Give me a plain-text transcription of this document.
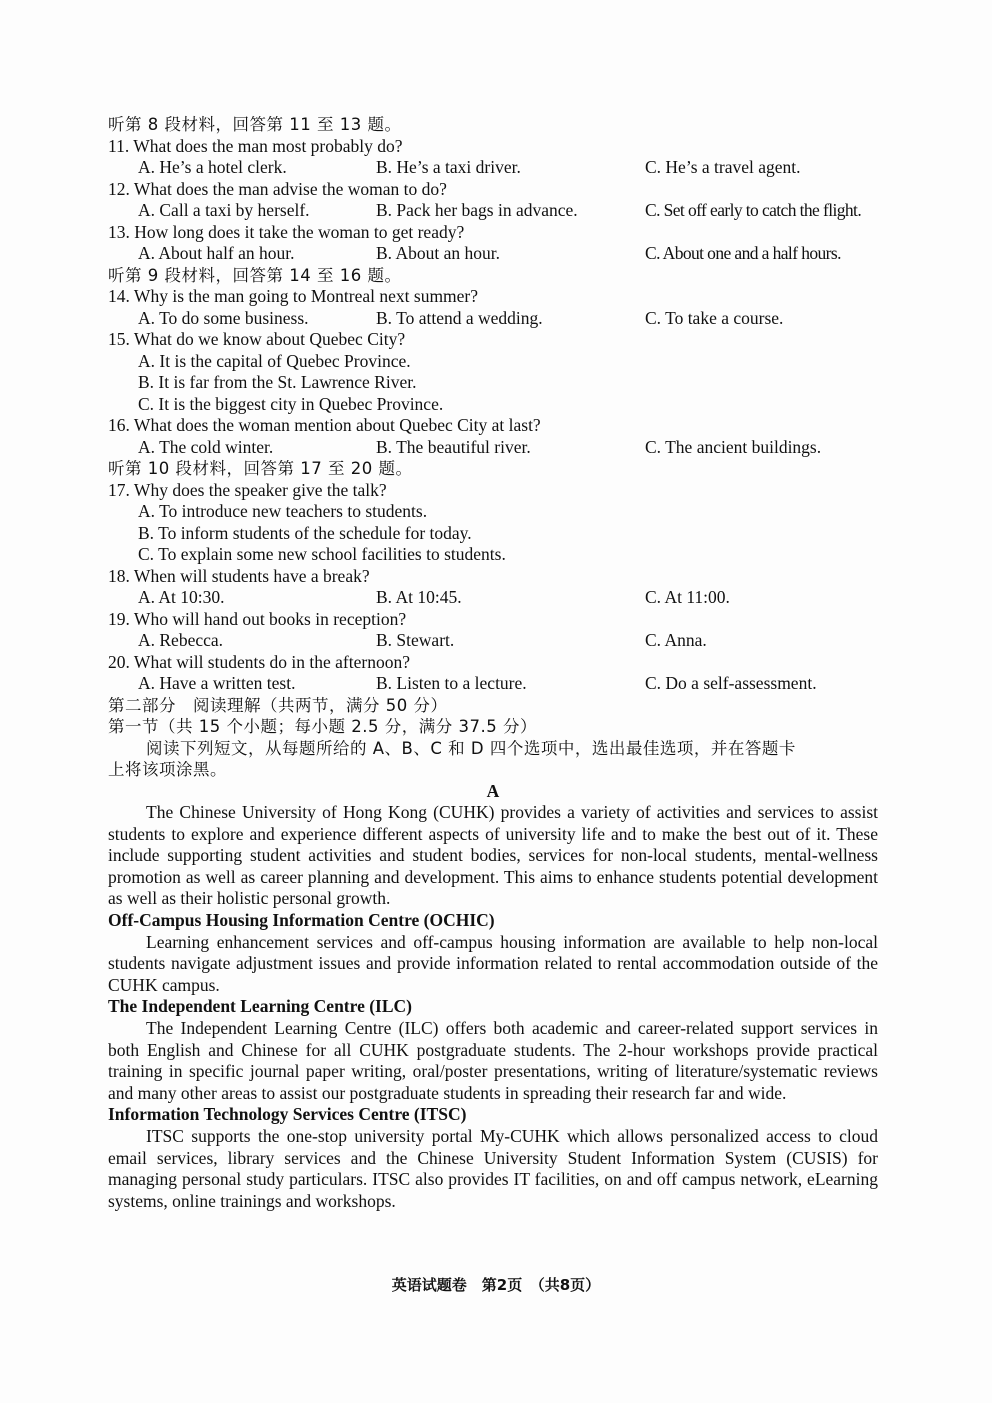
听第 8 段材料，回答第 11 至 13 题。
11. What does the man most probably do?
A. He’s a hotel clerk.	B. He’s a taxi driver.	C. He’s a travel agent.
12. What does the man advise the woman to do?
A. Call a taxi by herself.	B. Pack her bags in advance.	C. Set off early to catch the flight.
13. How long does it take the woman to get ready?
A. About half an hour.	B. About an hour.	C. About one and a half hours.
听第 9 段材料，回答第 14 至 16 题。
14. Why is the man going to Montreal next summer?
A. To do some business.	B. To attend a wedding.	C. To take a course.
15. What do we know about Quebec City?
A. It is the capital of Quebec Province.
B. It is far from the St. Lawrence River.
C. It is the biggest city in Quebec Province.
16. What does the woman mention about Quebec City at last?
A. The cold winter.	B. The beautiful river.	C. The ancient buildings.
听第 10 段材料，回答第 17 至 20 题。
17. Why does the speaker give the talk?
A. To introduce new teachers to students.
B. To inform students of the schedule for today.
C. To explain some new school facilities to students.
18. When will students have a break?
A. At 10:30.	B. At 10:45.	C. At 11:00.
19. Who will hand out books in reception?
A. Rebecca.	B. Stewart.	C. Anna.
20. What will students do in the afternoon?
A. Have a written test.	B. Listen to a lecture.	C. Do a self-assessment.
第二部分　阅读理解（共两节，满分 50 分）
第一节（共 15 个小题；每小题 2.5 分，满分 37.5 分）
阅读下列短文，从每题所给的 A、B、C 和 D 四个选项中，选出最佳选项，并在答题卡
上将该项涂黑。
A

The Chinese University of Hong Kong (CUHK) provides a variety of activities and services to assist students to explore and experience different aspects of university life and to make the best out of it. These include supporting student activities and student bodies, services for non-local students, mental-wellness promotion as well as career planning and development. This aims to enhance students potential development as well as their holistic personal growth.

Off-Campus Housing Information Centre (OCHIC)

Learning enhancement services and off-campus housing information are available to help non-local students navigate adjustment issues and provide information related to rental accommodation outside of the CUHK campus.

The Independent Learning Centre (ILC)

The Independent Learning Centre (ILC) offers both academic and career-related support services in both English and Chinese for all CUHK postgraduate students. The 2-hour workshops provide practical training in specific journal paper writing, oral/poster presentations, writing of literature/systematic reviews and many other areas to assist our postgraduate students in spreading their research far and wide.

Information Technology Services Centre (ITSC)

ITSC supports the one-stop university portal My-CUHK which allows personalized access to cloud email services, library services and the Chinese University Student Information System (CUSIS) for managing personal study particulars. ITSC also provides IT facilities, on and off campus network, eLearning systems, online trainings and workshops.

英语试题卷　第2页　（共8页）
